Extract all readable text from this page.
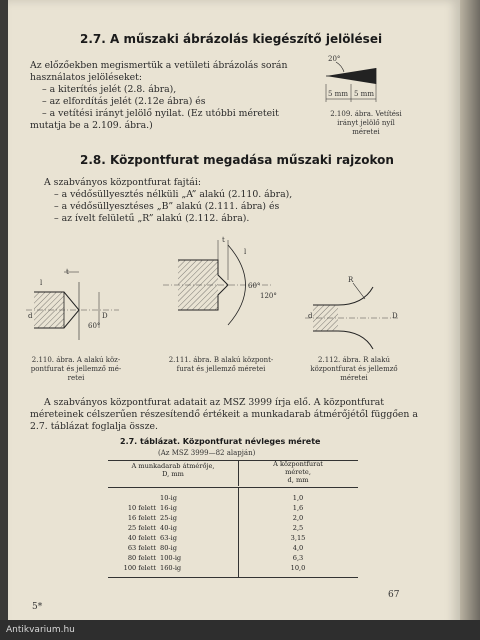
2.7. A műszaki ábrázolás kiegészítő jelölései
Az előzőekben megismertük a vetületi ábrázolás során
használatos jelöléseket:
– a kiterítés jelét (2.8. ábra),
– az elfordítás jelét (2.12e ábra) és
– a vetítési irányt jelölő nyilat. (Ez utóbbi méreteit
mutatja be a 2.109. ábra.)
20°
5 mm 5 mm
2.109. ábra. Vetítési
irányt jelölő nyíl
méretei
2.8. Központfurat megadása műszaki rajzokon
A szabványos központfurat fajtái:
– a védősüllyesztés nélküli „A” alakú (2.110. ábra),
– a védősüllyesztéses „B” alakú (2.111. ábra) és
– az ívelt felületű „R” alakú (2.112. ábra).
l
t
d	D
60°
2.110. ábra. A alakú köz-
pontfurat és jellemző mé-
retei
t
l
60°
120°
2.111. ábra. B alakú központ-
furat és jellemző méretei
R
d	D
2.112. ábra. R alakú
központfurat és jellemző
méretei
A szabványos központfurat adatait az MSZ 3999 írja elő. A központfurat
méreteinek célszerűen részesítendő értékeit a munkadarab átmérőjétől függően a
2.7. táblázat foglalja össze.
2.7. táblázat. Központfurat névleges mérete
(Az MSZ 3999—82 alapján)
A munkadarab átmérője,
D, mm
A központfurat
mérete,
d, mm
10-ig	1,0
10 felett 16-ig	1,6
16 felett 25-ig	2,0
25 felett 40-ig	2,5
40 felett 63-ig	3,15
63 felett 80-ig	4,0
80 felett 100-ig	6,3
100 felett 160-ig	10,0
5*
67
Antikvarium.hu
